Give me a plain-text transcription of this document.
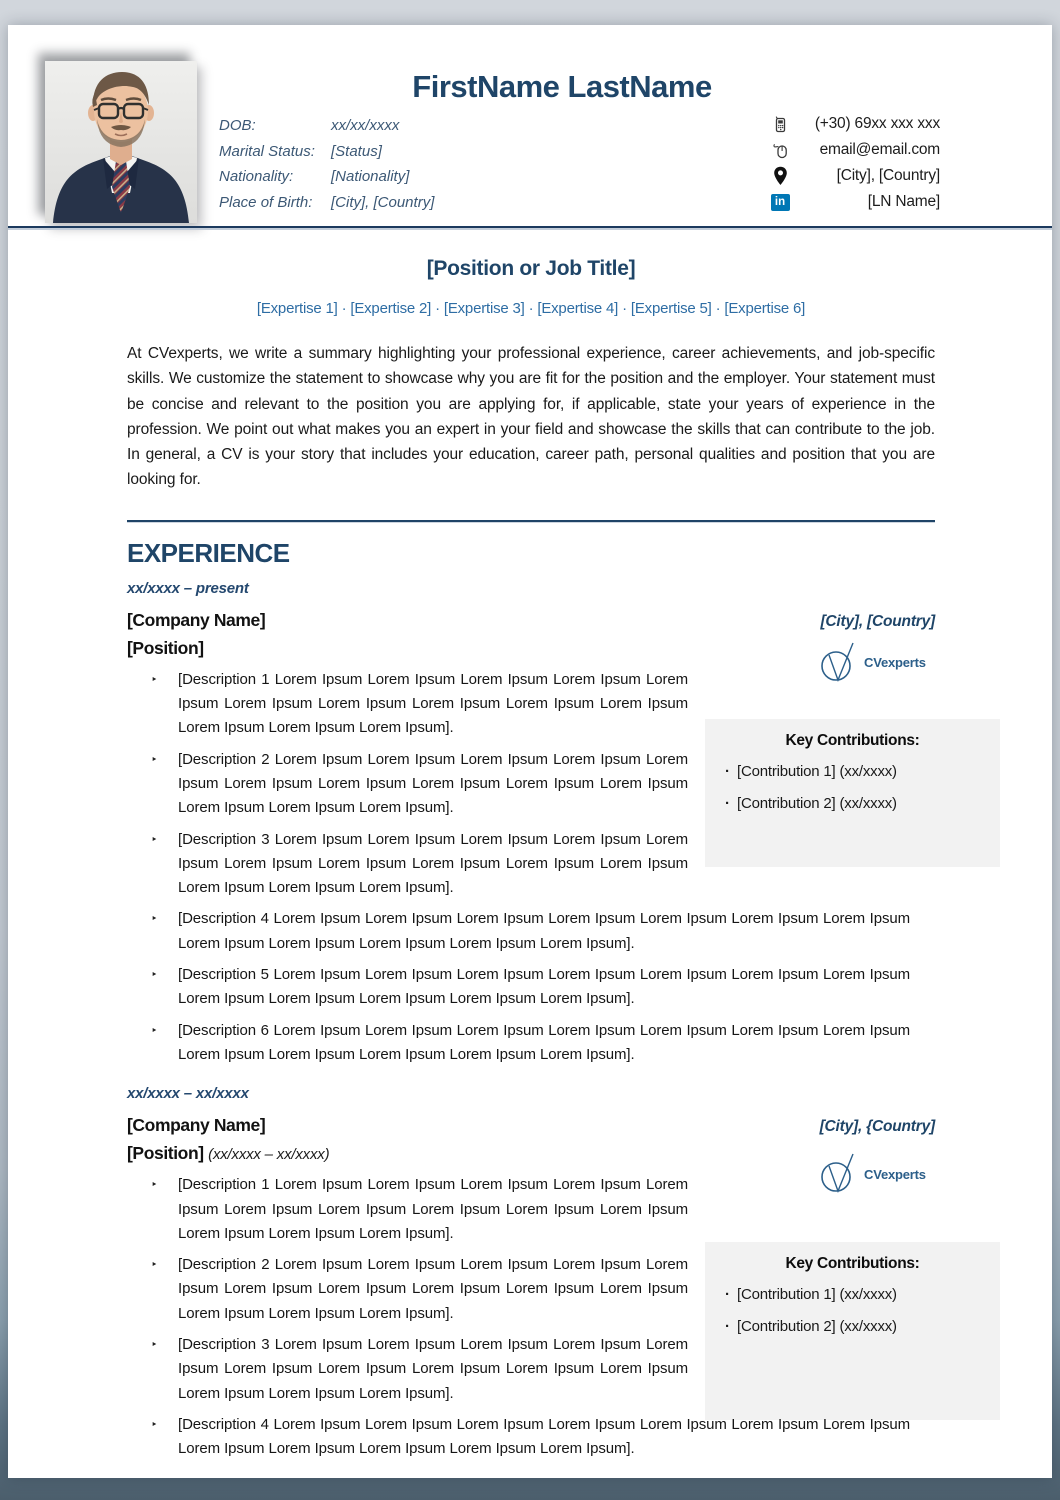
FirstName LastName
DOB:	xx/xx/xxxx
Marital Status:	[Status]
Nationality:	[Nationality]
Place of Birth:	[City], [Country]
(+30) 69xx xxx xxx
email@email.com
[City], [Country]
in	[LN Name]
[Position or Job Title]
[Expertise 1] · [Expertise 2] · [Expertise 3] · [Expertise 4] · [Expertise 5] · [Expertise 6]

At CVexperts, we write a summary highlighting your professional experience, career achievements, and job-specific skills. We customize the statement to showcase why you are fit for the position and the employer. Your statement must be concise and relevant to the position you are applying for, if applicable, state your years of experience in the profession. We point out what makes you an expert in your field and showcase the skills that can contribute to the job. In general, a CV is your story that includes your education, career path, personal qualities and position that you are looking for.

EXPERIENCE
xx/xxxx – present
[Company Name]	[City], [Country]
[Position]
CVexperts
Key Contributions:
· [Contribution 1] (xx/xxxx)
· [Contribution 2] (xx/xxxx)
‣ [Description 1 Lorem Ipsum Lorem Ipsum Lorem Ipsum Lorem Ipsum Lorem Ipsum Lorem Ipsum Lorem Ipsum Lorem Ipsum Lorem Ipsum Lorem Ipsum Lorem Ipsum Lorem Ipsum Lorem Ipsum].
‣ [Description 2 Lorem Ipsum Lorem Ipsum Lorem Ipsum Lorem Ipsum Lorem Ipsum Lorem Ipsum Lorem Ipsum Lorem Ipsum Lorem Ipsum Lorem Ipsum Lorem Ipsum Lorem Ipsum Lorem Ipsum].
‣ [Description 3 Lorem Ipsum Lorem Ipsum Lorem Ipsum Lorem Ipsum Lorem Ipsum Lorem Ipsum Lorem Ipsum Lorem Ipsum Lorem Ipsum Lorem Ipsum Lorem Ipsum Lorem Ipsum Lorem Ipsum].
‣ [Description 4 Lorem Ipsum Lorem Ipsum Lorem Ipsum Lorem Ipsum Lorem Ipsum Lorem Ipsum Lorem Ipsum Lorem Ipsum Lorem Ipsum Lorem Ipsum Lorem Ipsum Lorem Ipsum].
‣ [Description 5 Lorem Ipsum Lorem Ipsum Lorem Ipsum Lorem Ipsum Lorem Ipsum Lorem Ipsum Lorem Ipsum Lorem Ipsum Lorem Ipsum Lorem Ipsum Lorem Ipsum Lorem Ipsum].
‣ [Description 6 Lorem Ipsum Lorem Ipsum Lorem Ipsum Lorem Ipsum Lorem Ipsum Lorem Ipsum Lorem Ipsum Lorem Ipsum Lorem Ipsum Lorem Ipsum Lorem Ipsum Lorem Ipsum].
xx/xxxx – xx/xxxx
[Company Name]	[City], {Country]
[Position] (xx/xxxx – xx/xxxx)
CVexperts
Key Contributions:
· [Contribution 1] (xx/xxxx)
· [Contribution 2] (xx/xxxx)
‣ [Description 1 Lorem Ipsum Lorem Ipsum Lorem Ipsum Lorem Ipsum Lorem Ipsum Lorem Ipsum Lorem Ipsum Lorem Ipsum Lorem Ipsum Lorem Ipsum Lorem Ipsum Lorem Ipsum Lorem Ipsum].
‣ [Description 2 Lorem Ipsum Lorem Ipsum Lorem Ipsum Lorem Ipsum Lorem Ipsum Lorem Ipsum Lorem Ipsum Lorem Ipsum Lorem Ipsum Lorem Ipsum Lorem Ipsum Lorem Ipsum Lorem Ipsum].
‣ [Description 3 Lorem Ipsum Lorem Ipsum Lorem Ipsum Lorem Ipsum Lorem Ipsum Lorem Ipsum Lorem Ipsum Lorem Ipsum Lorem Ipsum Lorem Ipsum Lorem Ipsum Lorem Ipsum Lorem Ipsum].
‣ [Description 4 Lorem Ipsum Lorem Ipsum Lorem Ipsum Lorem Ipsum Lorem Ipsum Lorem Ipsum Lorem Ipsum Lorem Ipsum Lorem Ipsum Lorem Ipsum Lorem Ipsum Lorem Ipsum].
